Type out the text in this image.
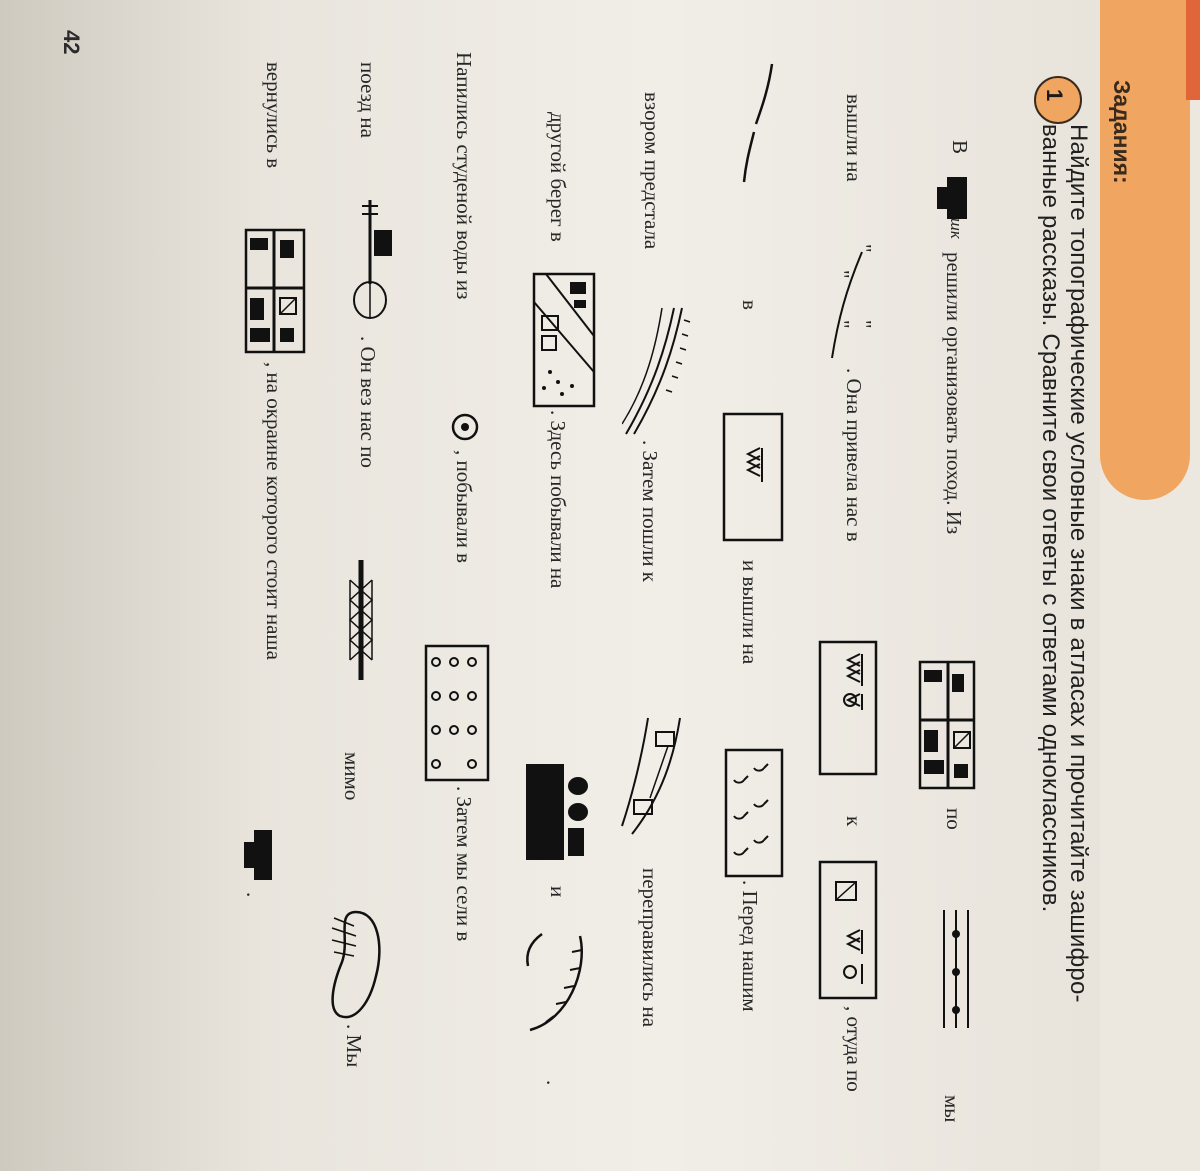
Задания:
1
Найдите топографические условные знаки в атласах и прочитайте зашифро-
ванные рассказы. Сравните свои ответы с ответами одноклассников.
В
шк
решили организовать поход. Из
по
мы
вышли на
"
"
"
"
. Она привела нас в
к
, отуда по
в
и вышли на
. Перед нашим
взором предстала
. Затем пошли к
переправились на
другой берег в
. Здесь побывали на
и
.
Напились студеной воды из
, побывали в
. Затем мы сели в
поезд на
. Он вез нас по
мимо
. Мы
вернулись в
, на окраине которого стоит наша
.
42
